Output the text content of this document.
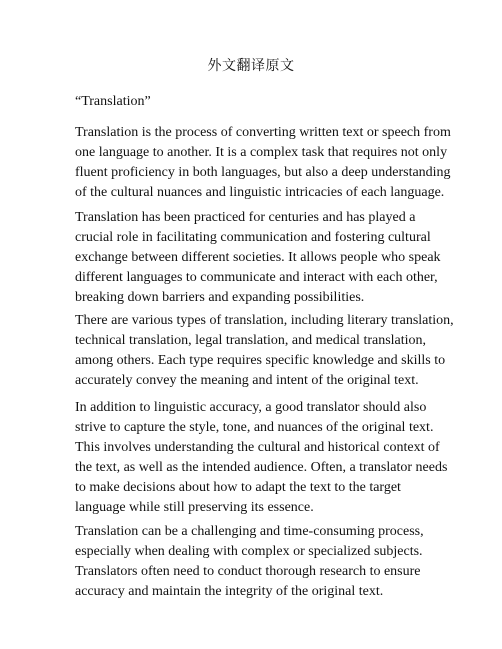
外文翻译原文
“Translation”

Translation is the process of converting written text or speech from
one language to another. It is a complex task that requires not only
fluent proficiency in both languages, but also a deep understanding
of the cultural nuances and linguistic intricacies of each language.

Translation has been practiced for centuries and has played a
crucial role in facilitating communication and fostering cultural
exchange between different societies. It allows people who speak
different languages to communicate and interact with each other,
breaking down barriers and expanding possibilities.

There are various types of translation, including literary translation,
technical translation, legal translation, and medical translation,
among others. Each type requires specific knowledge and skills to
accurately convey the meaning and intent of the original text.

In addition to linguistic accuracy, a good translator should also
strive to capture the style, tone, and nuances of the original text.
This involves understanding the cultural and historical context of
the text, as well as the intended audience. Often, a translator needs
to make decisions about how to adapt the text to the target
language while still preserving its essence.

Translation can be a challenging and time-consuming process,
especially when dealing with complex or specialized subjects.
Translators often need to conduct thorough research to ensure
accuracy and maintain the integrity of the original text.
